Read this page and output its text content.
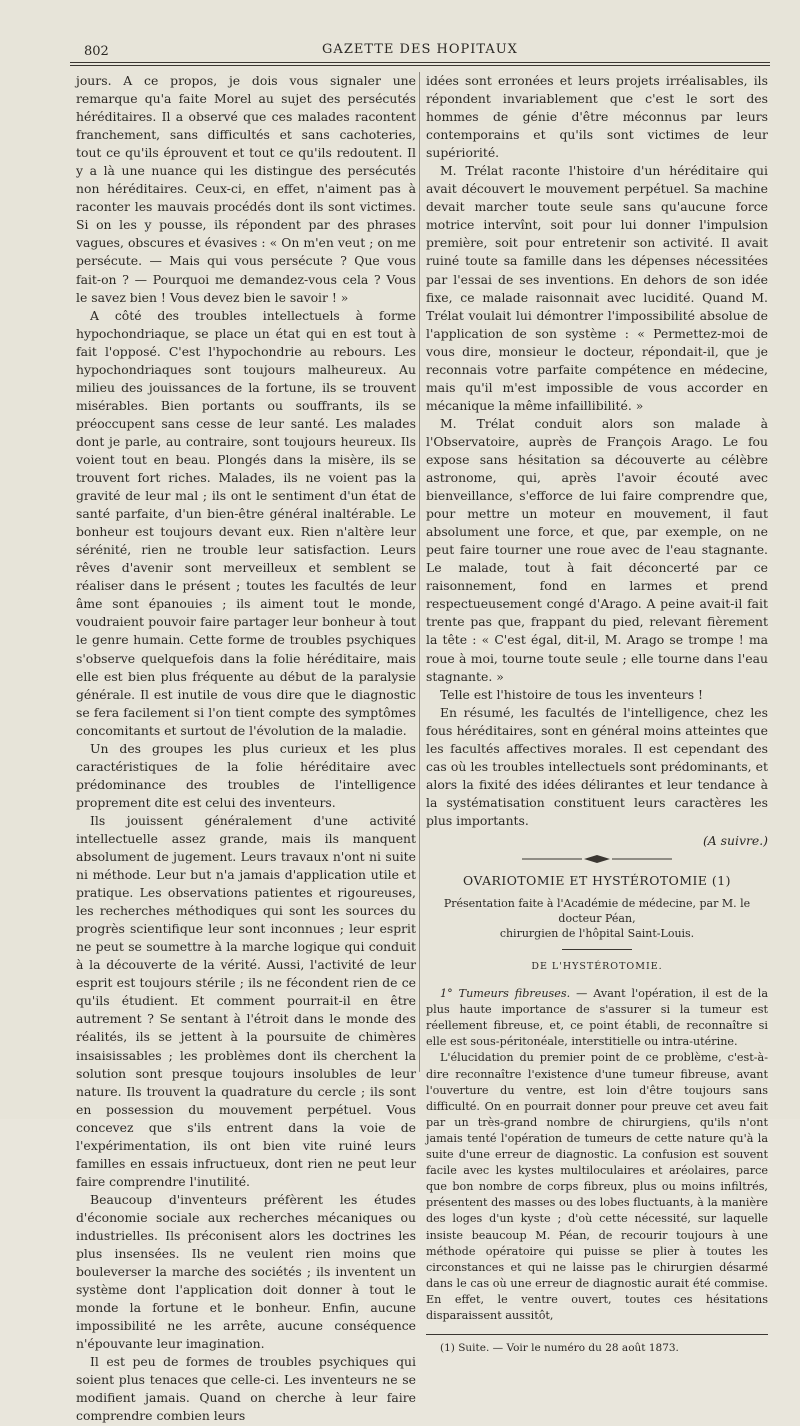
802	GAZETTE DES HOPITAUX

jours. A ce propos, je dois vous signaler une remarque qu'a faite Morel au sujet des persécutés héréditaires. Il a observé que ces malades racontent franchement, sans difficultés et sans cachoteries, tout ce qu'ils éprouvent et tout ce qu'ils redoutent. Il y a là une nuance qui les distingue des persécutés non héréditaires. Ceux-ci, en effet, n'aiment pas à raconter les mauvais procédés dont ils sont victimes. Si on les y pousse, ils répondent par des phrases vagues, obscures et évasives : « On m'en veut ; on me persécute. — Mais qui vous persécute ? Que vous fait-on ? — Pourquoi me demandez-vous cela ? Vous le savez bien ! Vous devez bien le savoir ! »

A côté des troubles intellectuels à forme hypochondriaque, se place un état qui en est tout à fait l'opposé. C'est l'hypochondrie au rebours. Les hypochondriaques sont toujours malheureux. Au milieu des jouissances de la fortune, ils se trouvent misérables. Bien portants ou souffrants, ils se préoccupent sans cesse de leur santé. Les malades dont je parle, au contraire, sont toujours heureux. Ils voient tout en beau. Plongés dans la misère, ils se trouvent fort riches. Malades, ils ne voient pas la gravité de leur mal ; ils ont le sentiment d'un état de santé parfaite, d'un bien-être général inaltérable. Le bonheur est toujours devant eux. Rien n'altère leur sérénité, rien ne trouble leur satisfaction. Leurs rêves d'avenir sont merveilleux et semblent se réaliser dans le présent ; toutes les facultés de leur âme sont épanouies ; ils aiment tout le monde, voudraient pouvoir faire partager leur bonheur à tout le genre humain. Cette forme de troubles psychiques s'observe quelquefois dans la folie héréditaire, mais elle est bien plus fréquente au début de la paralysie générale. Il est inutile de vous dire que le diagnostic se fera facilement si l'on tient compte des symptômes concomitants et surtout de l'évolution de la maladie.

Un des groupes les plus curieux et les plus caractéristiques de la folie héréditaire avec prédominance des troubles de l'intelligence proprement dite est celui des inventeurs.

Ils jouissent généralement d'une activité intellectuelle assez grande, mais ils manquent absolument de jugement. Leurs travaux n'ont ni suite ni méthode. Leur but n'a jamais d'application utile et pratique. Les observations patientes et rigoureuses, les recherches méthodiques qui sont les sources du progrès scientifique leur sont inconnues ; leur esprit ne peut se soumettre à la marche logique qui conduit à la découverte de la vérité. Aussi, l'activité de leur esprit est toujours stérile ; ils ne fécondent rien de ce qu'ils étudient. Et comment pourrait-il en être autrement ? Se sentant à l'étroit dans le monde des réalités, ils se jettent à la poursuite de chimères insaisissables ; les problèmes dont ils cherchent la solution sont presque toujours insolubles de leur nature. Ils trouvent la quadrature du cercle ; ils sont en possession du mouvement perpétuel. Vous concevez que s'ils entrent dans la voie de l'expérimentation, ils ont bien vite ruiné leurs familles en essais infructueux, dont rien ne peut leur faire comprendre l'inutilité.

Beaucoup d'inventeurs préfèrent les études d'économie sociale aux recherches mécaniques ou industrielles. Ils préconisent alors les doctrines les plus insensées. Ils ne veulent rien moins que bouleverser la marche des sociétés ; ils inventent un système dont l'application doit donner à tout le monde la fortune et le bonheur. Enfin, aucune impossibilité ne les arrête, aucune conséquence n'épouvante leur imagination.

Il est peu de formes de troubles psychiques qui soient plus tenaces que celle-ci. Les inventeurs ne se modifient jamais. Quand on cherche à leur faire comprendre combien leurs

idées sont erronées et leurs projets irréalisables, ils répondent invariablement que c'est le sort des hommes de génie d'être méconnus par leurs contemporains et qu'ils sont victimes de leur supériorité.

M. Trélat raconte l'histoire d'un héréditaire qui avait découvert le mouvement perpétuel. Sa machine devait marcher toute seule sans qu'aucune force motrice intervînt, soit pour lui donner l'impulsion première, soit pour entretenir son activité. Il avait ruiné toute sa famille dans les dépenses nécessitées par l'essai de ses inventions. En dehors de son idée fixe, ce malade raisonnait avec lucidité. Quand M. Trélat voulait lui démontrer l'impossibilité absolue de l'application de son système : « Permettez-moi de vous dire, monsieur le docteur, répondait-il, que je reconnais votre parfaite compétence en médecine, mais qu'il m'est impossible de vous accorder en mécanique la même infaillibilité. »

M. Trélat conduit alors son malade à l'Observatoire, auprès de François Arago. Le fou expose sans hésitation sa découverte au célèbre astronome, qui, après l'avoir écouté avec bienveillance, s'efforce de lui faire comprendre que, pour mettre un moteur en mouvement, il faut absolument une force, et que, par exemple, on ne peut faire tourner une roue avec de l'eau stagnante. Le malade, tout à fait déconcerté par ce raisonnement, fond en larmes et prend respectueusement congé d'Arago. A peine avait-il fait trente pas que, frappant du pied, relevant fièrement la tête : « C'est égal, dit-il, M. Arago se trompe ! ma roue à moi, tourne toute seule ; elle tourne dans l'eau stagnante. »

Telle est l'histoire de tous les inventeurs !

En résumé, les facultés de l'intelligence, chez les fous héréditaires, sont en général moins atteintes que les facultés affectives morales. Il est cependant des cas où les troubles intellectuels sont prédominants, et alors la fixité des idées délirantes et leur tendance à la systématisation constituent leurs caractères les plus importants.

(A suivre.)
OVARIOTOMIE ET HYSTÉROTOMIE (1)
Présentation faite à l'Académie de médecine, par M. le docteur Péan,
chirurgien de l'hôpital Saint-Louis.
DE L'HYSTÉROTOMIE.

1° Tumeurs fibreuses. — Avant l'opération, il est de la plus haute importance de s'assurer si la tumeur est réellement fibreuse, et, ce point établi, de reconnaître si elle est sous-péritonéale, interstitielle ou intra-utérine.

L'élucidation du premier point de ce problème, c'est-à-dire reconnaître l'existence d'une tumeur fibreuse, avant l'ouverture du ventre, est loin d'être toujours sans difficulté. On en pourrait donner pour preuve cet aveu fait par un très-grand nombre de chirurgiens, qu'ils n'ont jamais tenté l'opération de tumeurs de cette nature qu'à la suite d'une erreur de diagnostic. La confusion est souvent facile avec les kystes multiloculaires et aréolaires, parce que bon nombre de corps fibreux, plus ou moins infiltrés, présentent des masses ou des lobes fluctuants, à la manière des loges d'un kyste ; d'où cette nécessité, sur laquelle insiste beaucoup M. Péan, de recourir toujours à une méthode opératoire qui puisse se plier à toutes les circonstances et qui ne laisse pas le chirurgien désarmé dans le cas où une erreur de diagnostic aurait été commise. En effet, le ventre ouvert, toutes ces hésitations disparaissent aussitôt,

(1) Suite. — Voir le numéro du 28 août 1873.
